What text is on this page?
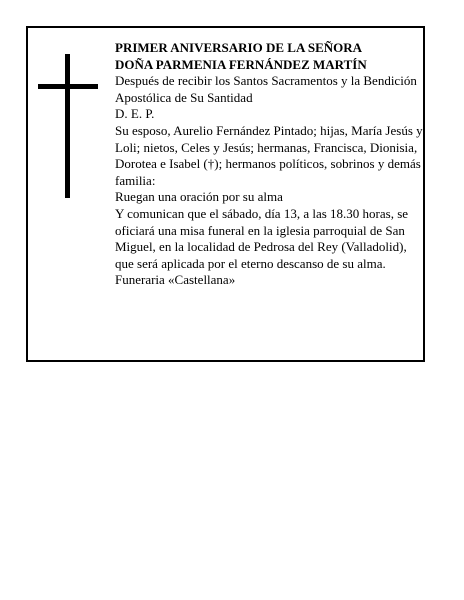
PRIMER ANIVERSARIO DE LA SEÑORA

DOÑA PARMENIA FERNÁNDEZ MARTÍN

Después de recibir los Santos Sacramentos y la Bendición Apostólica de Su Santidad

D. E. P.

Su esposo, Aurelio Fernández Pintado; hijas, María Jesús y Loli; nietos, Celes y Jesús; hermanas, Francisca, Dionisia, Dorotea e Isabel (†); hermanos políticos, sobrinos y demás familia:

Ruegan una oración por su alma

Y comunican que el sábado, día 13, a las 18.30 horas, se oficiará una misa funeral en la iglesia parroquial de San Miguel, en la localidad de Pedrosa del Rey (Valladolid), que será aplicada por el eterno descanso de su alma.

Funeraria «Castellana»
